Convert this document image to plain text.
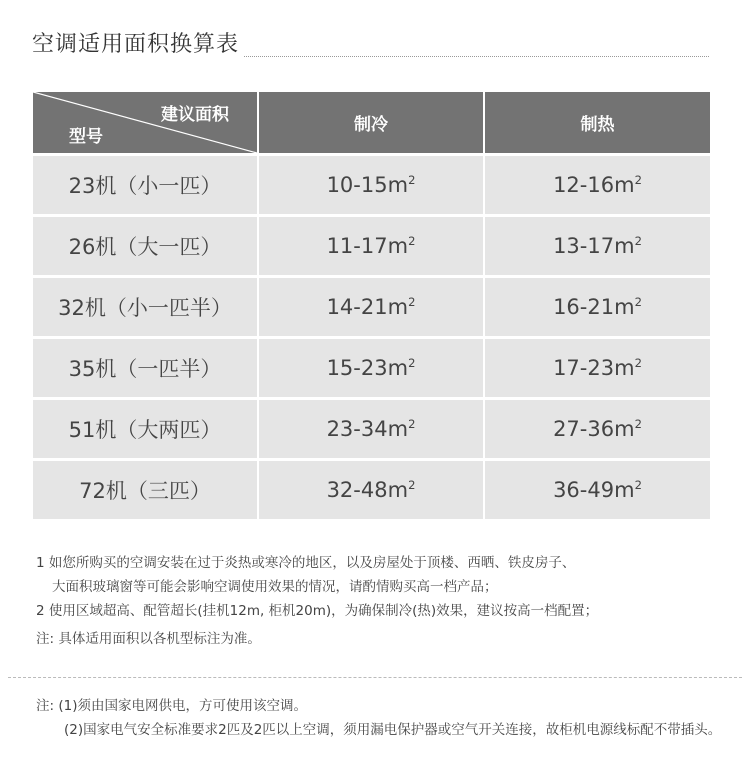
空调适用面积换算表
建议面积
型号	制冷	制热
23机（小一匹）	$10-15m^2$	$12-16m^2$
26机（大一匹）	$11-17m^2$	$13-17m^2$
32机（小一匹半）	$14-21m^2$	$16-21m^2$
35机（一匹半）	$15-23m^2$	$17-23m^2$
51机（大两匹）	$23-34m^2$	$27-36m^2$
72机（三匹）	$32-48m^2$	$36-49m^2$
1 如您所购买的空调安装在过于炎热或寒冷的地区，以及房屋处于顶楼、西晒、铁皮房子、
大面积玻璃窗等可能会影响空调使用效果的情况，请酌情购买高一档产品；
2 使用区域超高、配管超长(挂机12m, 柜机20m)，为确保制冷(热)效果，建议按高一档配置；
注: 具体适用面积以各机型标注为准。
注: (1)须由国家电网供电，方可使用该空调。
(2)国家电气安全标准要求2匹及2匹以上空调，须用漏电保护器或空气开关连接，故柜机电源线标配不带插头。
